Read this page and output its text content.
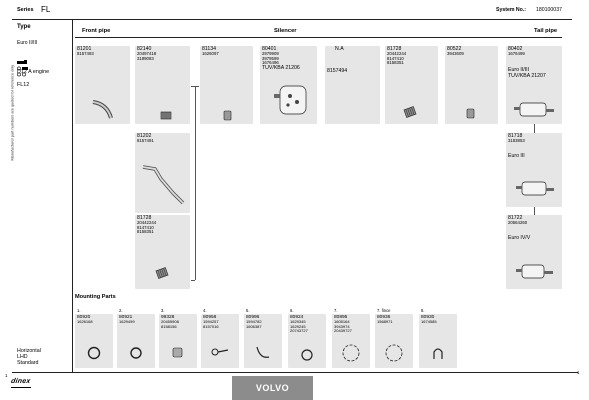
Series FL	System No.: 180100037
Type
Euro II/III
D12 A engine
FL12
Manufacturer part numbers are quoted for reference only
1
Horizontal
LHD
Standard
dinex
Front pipe	Silencer	Tail pipe
81201
8157493
82140
20497418
3189083
81134
1626097
80401
2979909
3979599
1676496
TUV/KBA 21206
N.A
8157494
81728
20442244
8147410
8158351
80522
3943609
80402
1676499
Euro II/III
TUV/KBA 21207
81202
8157491
81718
3183853
Euro III
81728
20442244
8147410
8158351
81722
20564260
Euro IV/V
Mounting Parts
1.
80920
1626168
2.
80921
1629499
3.
99328
20455908
8158156
4.
80958
1594257
8157016
5.
80996
1594782
1606387
6.
80924
1629345
1629245
20743727
7.
80895
1605164
3943974
20439727
7. fince
80936
1568971
8.
80930
1674585
1
VOLVO
